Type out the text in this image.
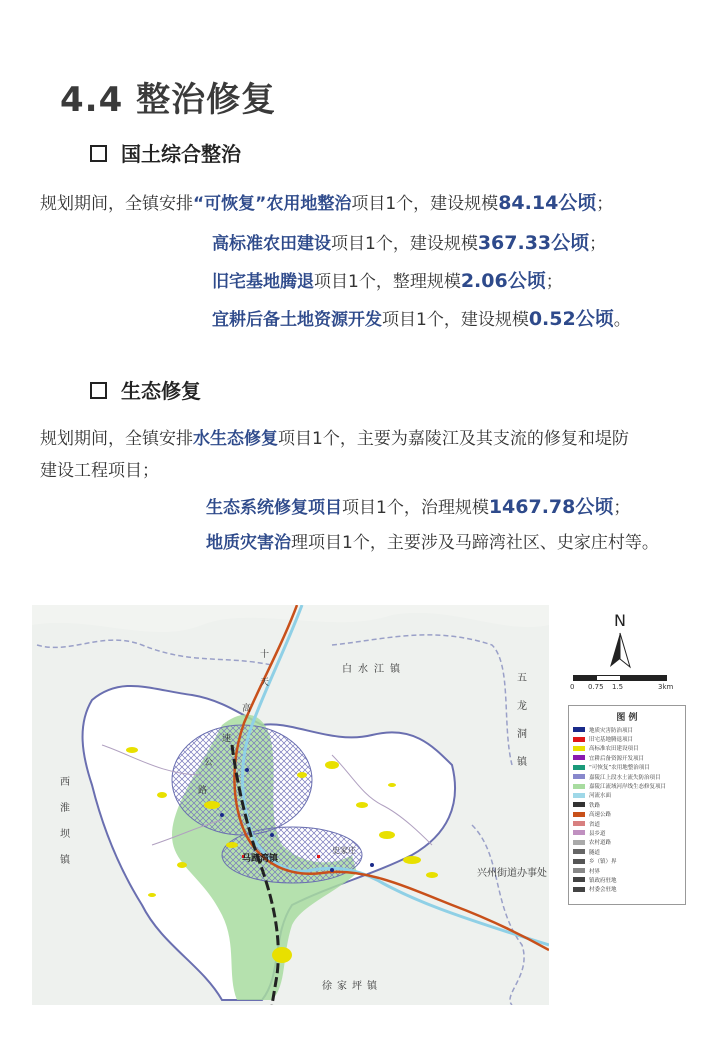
4.4 整治修复
国土综合整治
规划期间，全镇安排“可恢复”农用地整治项目1个，建设规模84.14公顷；
高标准农田建设项目1个，建设规模367.33公顷；
旧宅基地腾退项目1个，整理规模2.06公顷；
宜耕后备土地资源开发项目1个，建设规模0.52公顷。
生态修复
规划期间，全镇安排水生态修复项目1个，主要为嘉陵江及其支流的修复和堤防
建设工程项目；
生态系统修复项目项目1个，治理规模1467.78公顷；
地质灾害治理项目1个，主要涉及马蹄湾社区、史家庄村等。
白水江镇
五龙洞镇
西淮坝镇
兴州街道办事处
徐家坪镇
马蹄湾镇
史家庄
十
天
高
速
公
路
N
0 0.75 1.5	3km
图 例
地质灾害防治项目
旧宅基地腾退项目
高标准农田建设项目
宜耕后备资源开发项目
“可恢复”农用地整治项目
嘉陵江上段水土流失防治项目
嘉陵江流域河岸线生态修复项目
河流水面
铁路
高速公路
省道
县乡道
农村道路
隧道
乡（镇）界
村界
镇政府驻地
村委会驻地
